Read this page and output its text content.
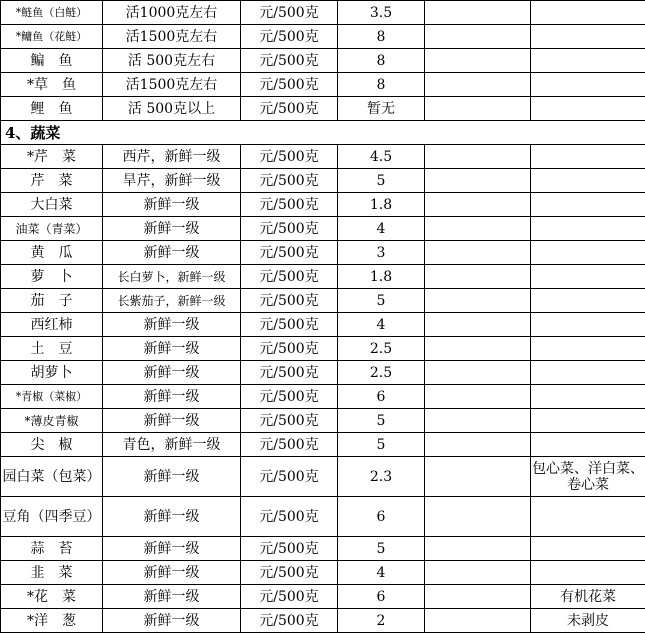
*鲢鱼（白鲢）	活1000克左右	元/500克	3.5		
*鳙鱼（花鲢）	活1500克左右	元/500克	8		
鳊　鱼	活 500克左右	元/500克	8		
*草　鱼	活1500克左右	元/500克	8		
鲤　鱼	活 500克以上	元/500克	暂无		
4、蔬菜					
*芹　菜	西芹，新鲜一级	元/500克	4.5		
芹　菜	旱芹，新鲜一级	元/500克	5		
大白菜	新鲜一级	元/500克	1.8		
油菜（青菜）	新鲜一级	元/500克	4		
黄　瓜	新鲜一级	元/500克	3		
萝　卜	长白萝卜，新鲜一级	元/500克	1.8		
茄　子	长紫茄子，新鲜一级	元/500克	5		
西红柿	新鲜一级	元/500克	4		
土　豆	新鲜一级	元/500克	2.5		
胡萝卜	新鲜一级	元/500克	2.5		
*青椒（菜椒）	新鲜一级	元/500克	6		
*薄皮青椒	新鲜一级	元/500克	5		
尖　椒	青色，新鲜一级	元/500克	5		
园白菜（包菜）	新鲜一级	元/500克	2.3		包心菜、洋白菜、卷心菜
豆角（四季豆）	新鲜一级	元/500克	6		
蒜　苔	新鲜一级	元/500克	5		
韭　菜	新鲜一级	元/500克	4		
*花　菜	新鲜一级	元/500克	6		有机花菜
*洋　葱	新鲜一级	元/500克	2		未剥皮
